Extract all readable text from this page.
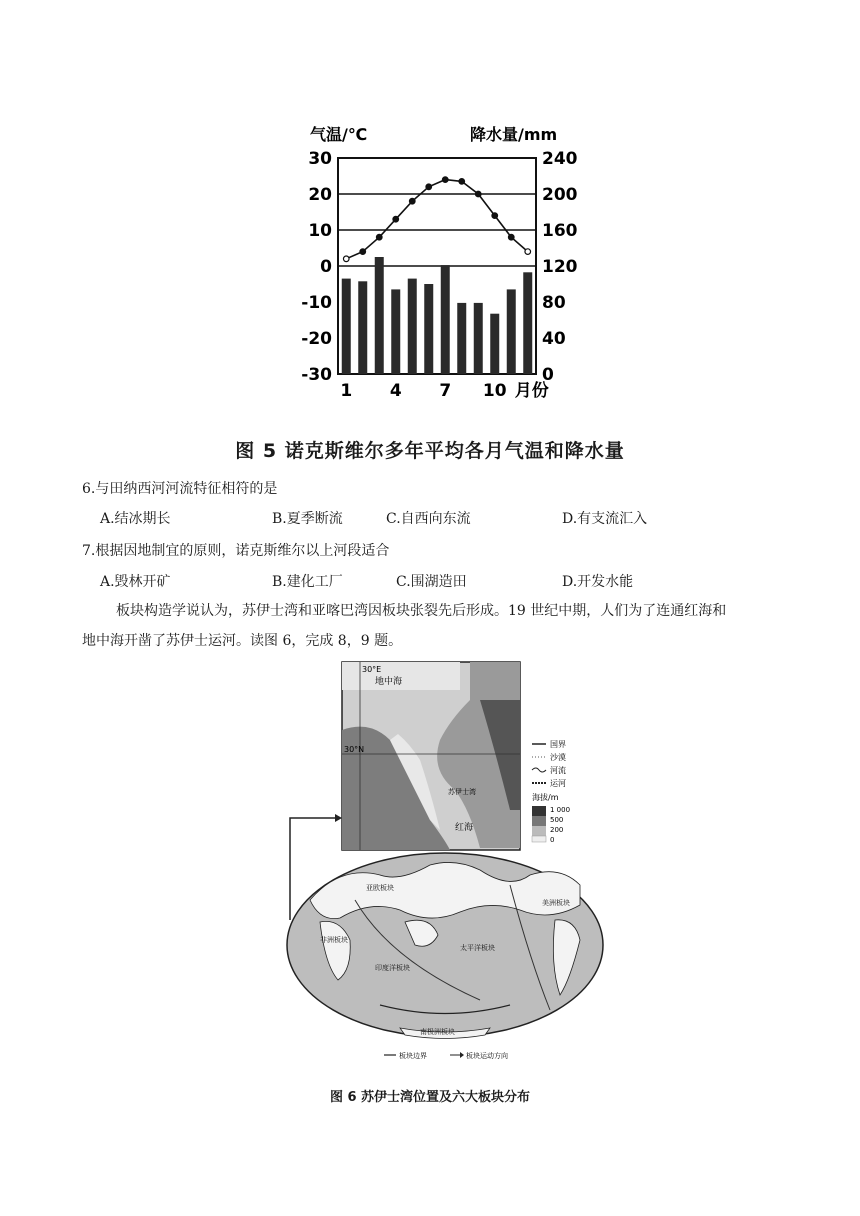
气温/℃	降水量/mm
30
20
10
0
-10
-20
-30
240
200
160
120
80
40
0
1 4 7 10 月份
图 5 诺克斯维尔多年平均各月气温和降水量
6.与田纳西河河流特征相符的是
A.结冰期长	B.夏季断流	C.自西向东流	D.有支流汇入
7.根据因地制宜的原则，诺克斯维尔以上河段适合
A.毁林开矿	B.建化工厂	C.围湖造田	D.开发水能
板块构造学说认为，苏伊士湾和亚喀巴湾因板块张裂先后形成。19 世纪中期，人们为了连通红海和
地中海开凿了苏伊士运河。读图 6，完成 8，9 题。
30°E
30°N
地中海
红海
苏伊士湾
国界
沙漠
河流
运河
海拔/m
1 000
500
200
0
亚欧板块
非洲板块
印度洋板块
太平洋板块
美洲板块
南极洲板块
板块边界	板块运动方向
图 6 苏伊士湾位置及六大板块分布
